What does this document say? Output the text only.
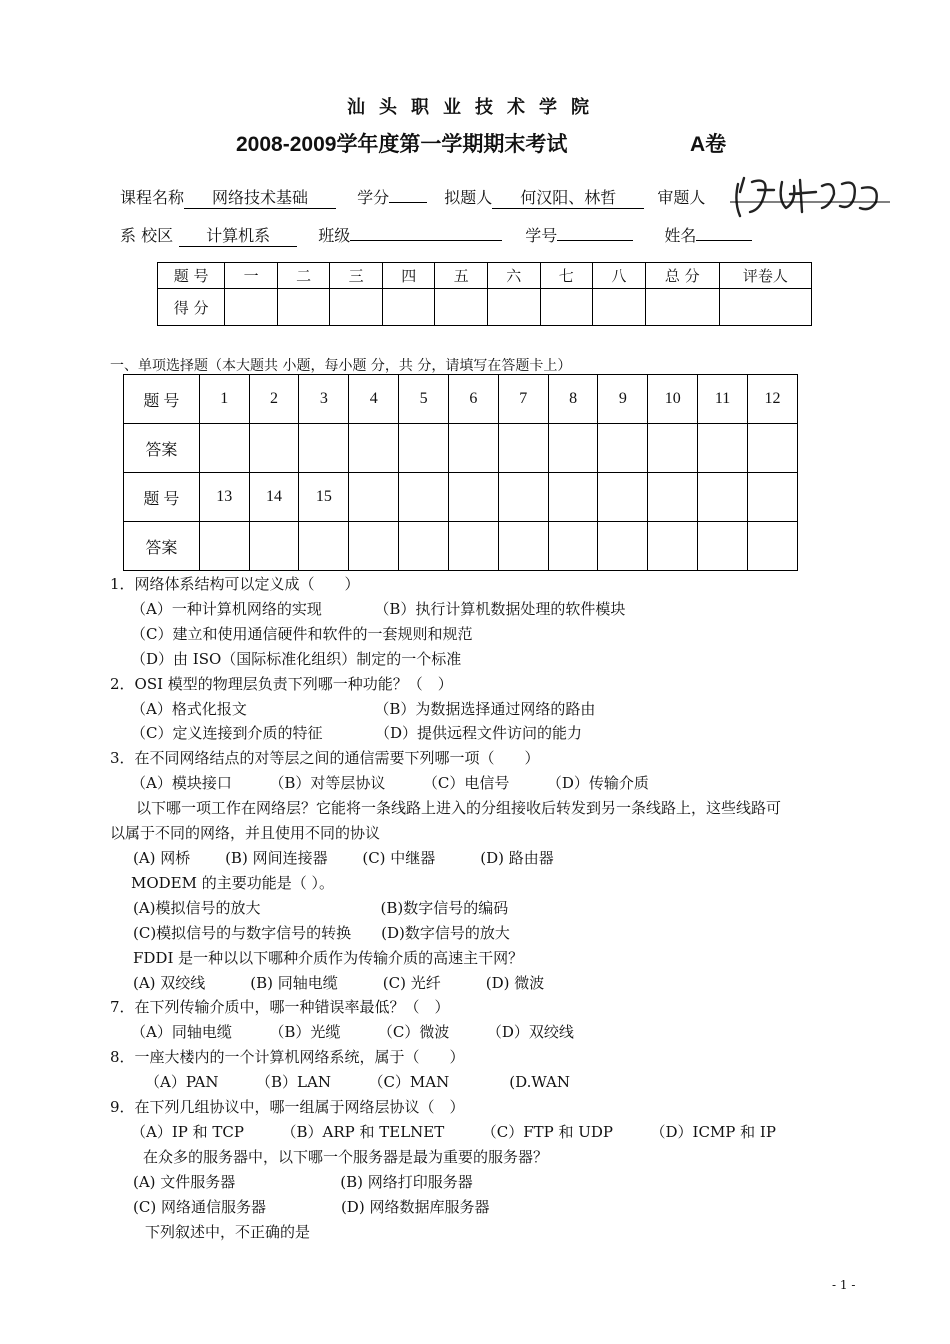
汕头职业技术学院
2008-2009学年度第一学期期末考试	A卷
课程名称 网络技术基础	学分	拟题人 何汉阳、林哲	审题人
系 校区 计算机系	班级	学号	姓名
题 号	一	二	三	四	五	六	七	八	总 分	评卷人
得 分										
一、单项选择题（本大题共 小题，每小题 分，共 分，请填写在答题卡上）
题 号	1	2	3	4	5	6	7	8	9	10	11	12
答案												
题 号	13	14	15									
答案												
1．网络体系结构可以定义成（　　）
（A）一种计算机网络的实现　　　　（B）执行计算机数据处理的软件模块
（C）建立和使用通信硬件和软件的一套规则和规范
（D）由 ISO（国际标准化组织）制定的一个标准
2．OSI 模型的物理层负责下列哪一种功能？（　）
（A）格式化报文　　　　　　　　　（B）为数据选择通过网络的路由
（C）定义连接到介质的特征　　　　（D）提供远程文件访问的能力
3．在不同网络结点的对等层之间的通信需要下列哪一项（　　）
（A）模块接口　　　（B）对等层协议　　　（C）电信号　　　（D）传输介质
以下哪一项工作在网络层？它能将一条线路上进入的分组接收后转发到另一条线路上，这些线路可
以属于不同的网络，并且使用不同的协议
(A) 网桥　　 (B) 网间连接器　　 (C) 中继器　　　(D) 路由器
MODEM 的主要功能是（ ）。
(A)模拟信号的放大　　　　　　　　(B)数字信号的编码
(C)模拟信号的与数字信号的转换　　(D)数字信号的放大
FDDI 是一种以以下哪种介质作为传输介质的高速主干网？
(A) 双绞线　　　(B) 同轴电缆　　　(C) 光纤　　　(D) 微波
7．在下列传输介质中，哪一种错误率最低？（　）
（A）同轴电缆　　　（B）光缆　　　（C）微波　　　（D）双绞线
8．一座大楼内的一个计算机网络系统，属于（　　）
（A）PAN　　　（B）LAN　　　（C）MAN　　　　(D.WAN
9．在下列几组协议中，哪一组属于网络层协议（　）
（A）IP 和 TCP　　　（B）ARP 和 TELNET　　　（C）FTP 和 UDP　　　（D）ICMP 和 IP
在众多的服务器中，以下哪一个服务器是最为重要的服务器？
(A) 文件服务器　　　　　　　(B) 网络打印服务器
(C) 网络通信服务器　　　　　(D) 网络数据库服务器
下列叙述中，不正确的是
- 1 -
